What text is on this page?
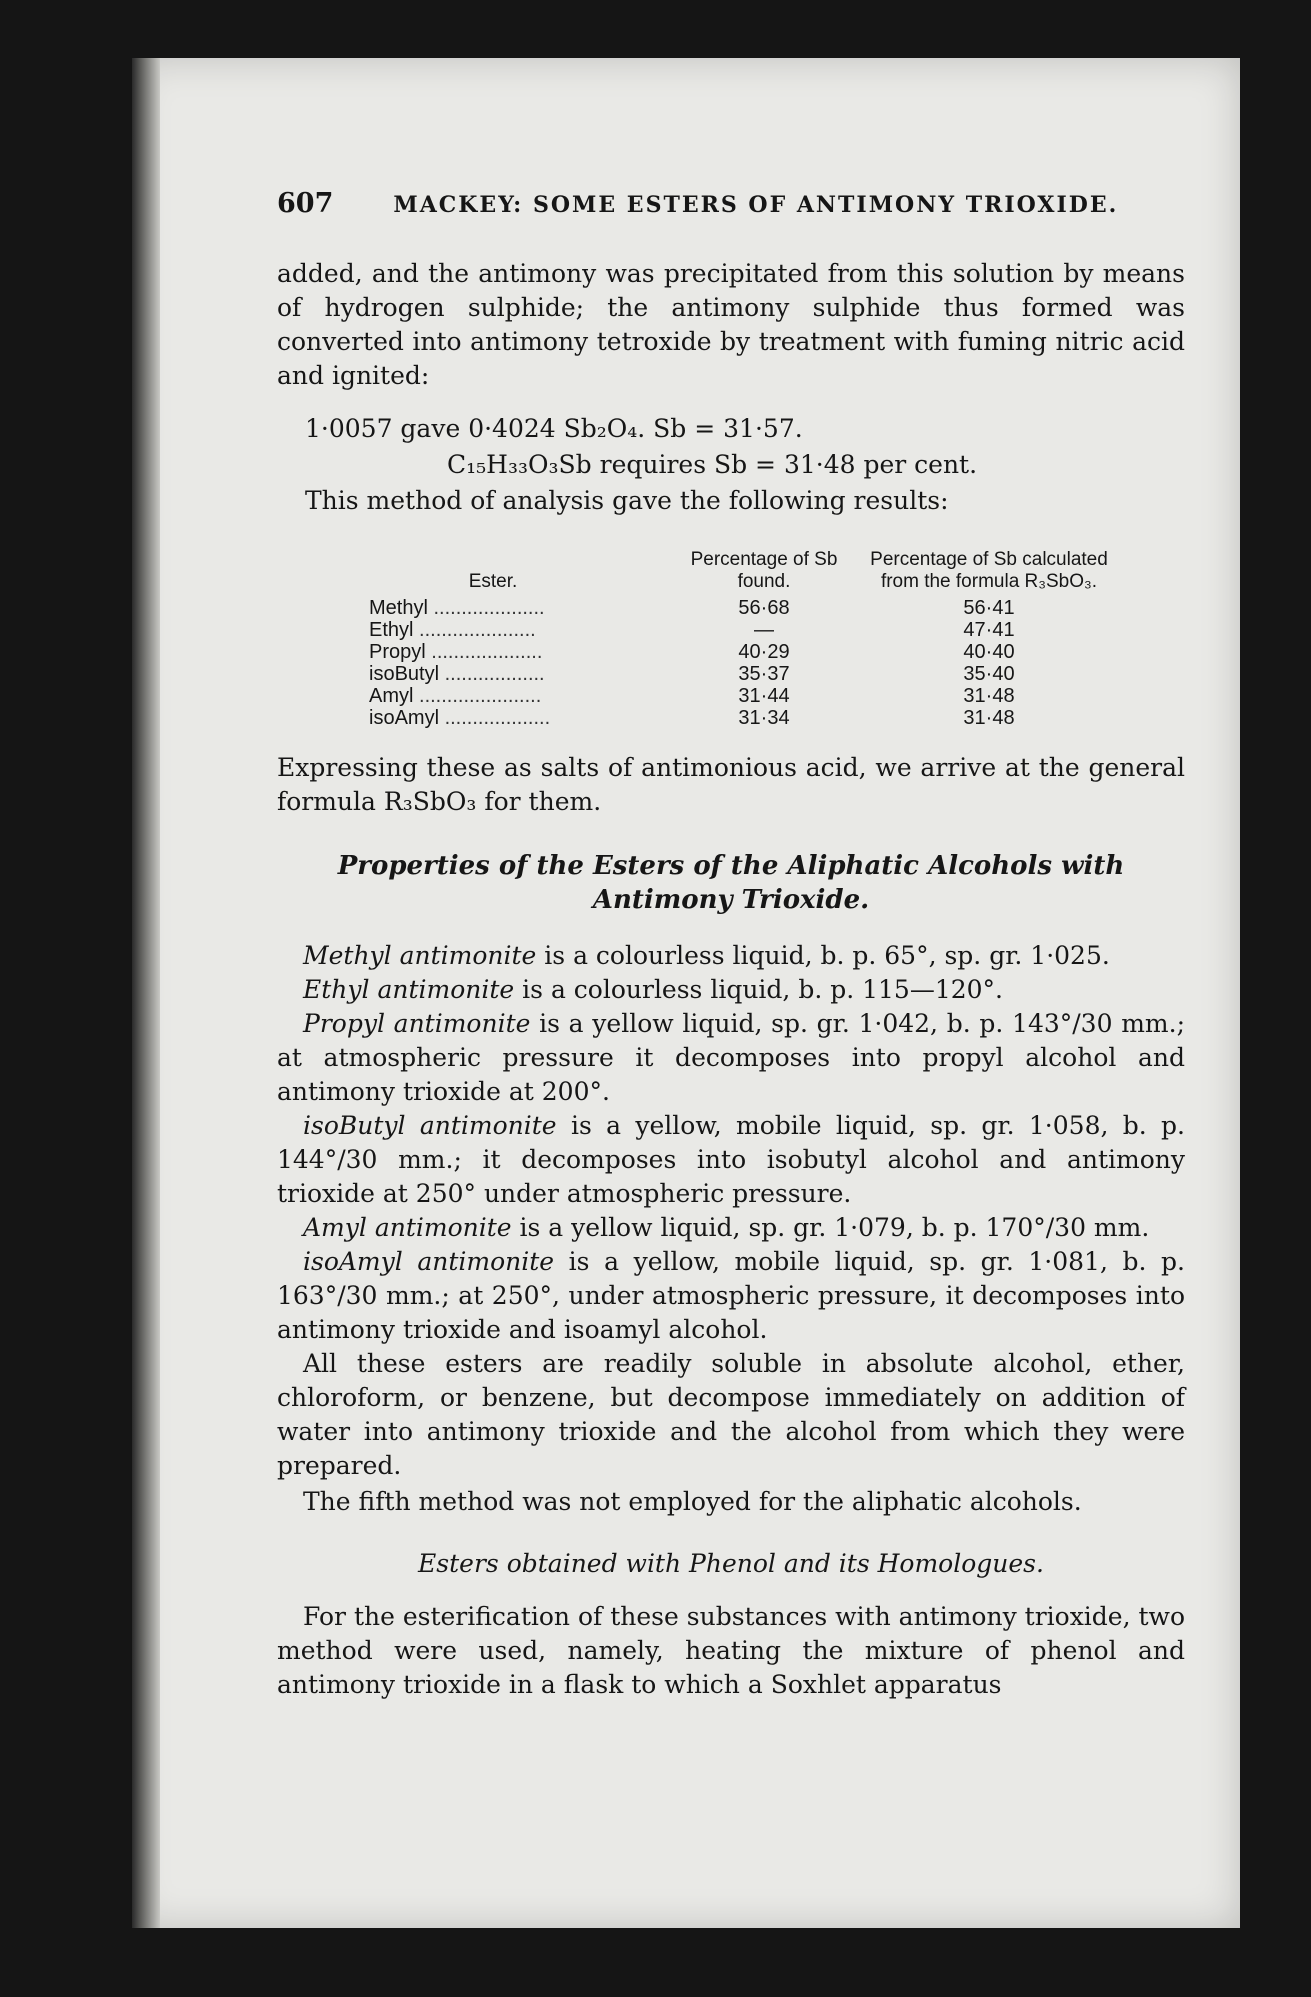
607	MACKEY: SOME ESTERS OF ANTIMONY TRIOXIDE.

added, and the antimony was precipitated from this solution by means of hydrogen sulphide; the antimony sulphide thus formed was converted into antimony tetroxide by treatment with fuming nitric acid and ignited:

1·0057 gave 0·4024 Sb₂O₄. Sb = 31·57.
C₁₅H₃₃O₃Sb requires Sb = 31·48 per cent.
This method of analysis gave the following results:
Ester.	Percentage of Sb found.	Percentage of Sb calculated from the formula R₃SbO₃.
Methyl ....................	56·68	56·41
Ethyl .....................	—	47·41
Propyl ....................	40·29	40·40
isoButyl ..................	35·37	35·40
Amyl ......................	31·44	31·48
isoAmyl ...................	31·34	31·48

Expressing these as salts of antimonious acid, we arrive at the general formula R₃SbO₃ for them.

Properties of the Esters of the Aliphatic Alcohols with Antimony Trioxide.

Methyl antimonite is a colourless liquid, b. p. 65°, sp. gr. 1·025.

Ethyl antimonite is a colourless liquid, b. p. 115—120°.

Propyl antimonite is a yellow liquid, sp. gr. 1·042, b. p. 143°/30 mm.; at atmospheric pressure it decomposes into propyl alcohol and antimony trioxide at 200°.

isoButyl antimonite is a yellow, mobile liquid, sp. gr. 1·058, b. p. 144°/30 mm.; it decomposes into isobutyl alcohol and antimony trioxide at 250° under atmospheric pressure.

Amyl antimonite is a yellow liquid, sp. gr. 1·079, b. p. 170°/30 mm.

isoAmyl antimonite is a yellow, mobile liquid, sp. gr. 1·081, b. p. 163°/30 mm.; at 250°, under atmospheric pressure, it decomposes into antimony trioxide and isoamyl alcohol.

All these esters are readily soluble in absolute alcohol, ether, chloroform, or benzene, but decompose immediately on addition of water into antimony trioxide and the alcohol from which they were prepared.

The fifth method was not employed for the aliphatic alcohols.

Esters obtained with Phenol and its Homologues.

For the esterification of these substances with antimony trioxide, two method were used, namely, heating the mixture of phenol and antimony trioxide in a flask to which a Soxhlet apparatus
